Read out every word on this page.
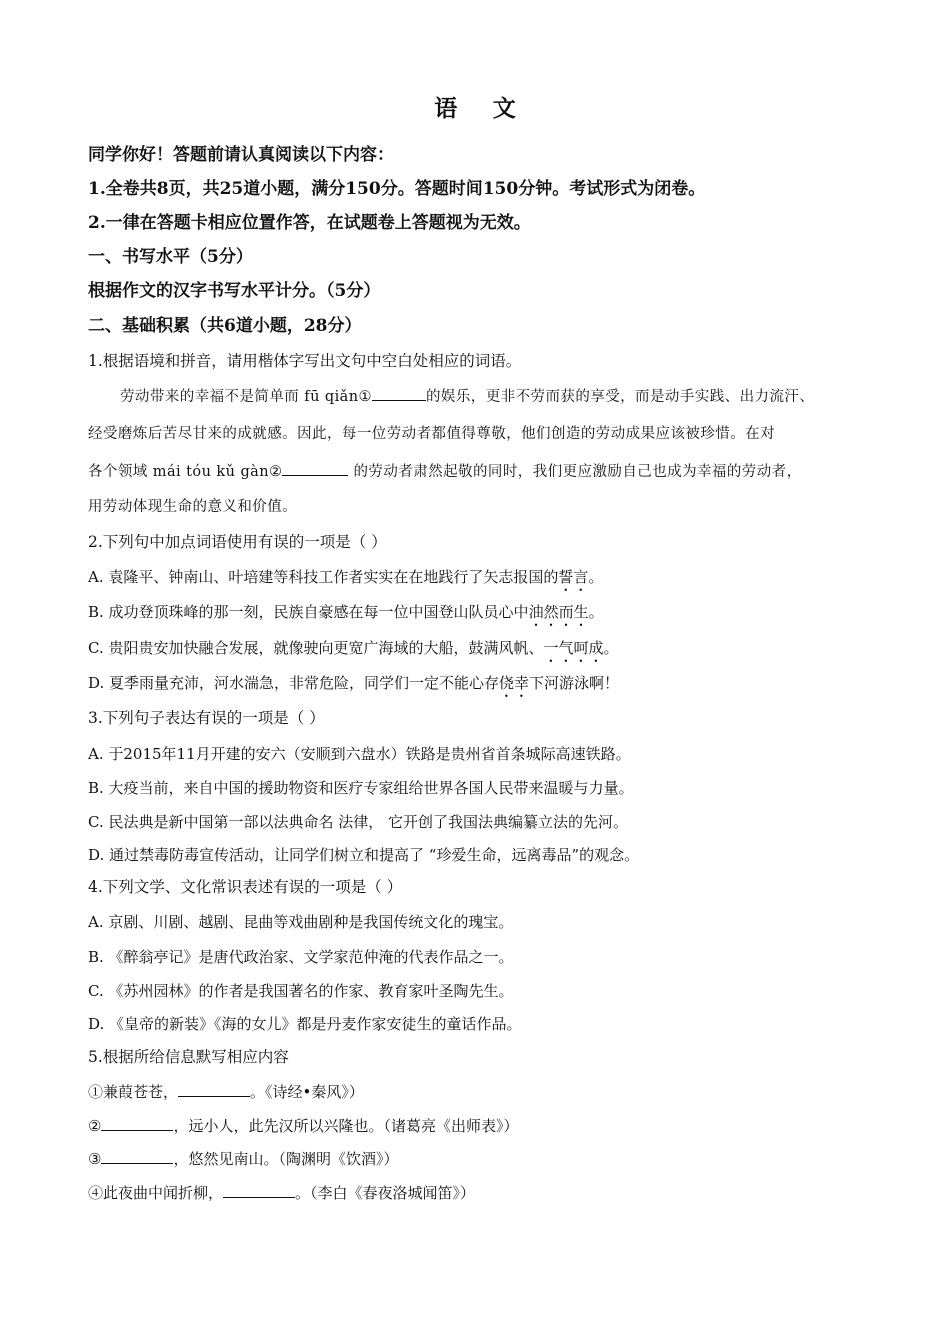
语 文
同学你好！答题前请认真阅读以下内容：
1.全卷共8页，共25道小题，满分150分。答题时间150分钟。考试形式为闭卷。
2.一律在答题卡相应位置作答，在试题卷上答题视为无效。
一、书写水平（5分）
根据作文的汉字书写水平计分。（5分）
二、基础积累（共6道小题，28分）
1.根据语境和拼音，请用楷体字写出文句中空白处相应的词语。
劳动带来的幸福不是简单而 fū qiǎn①	的娱乐，更非不劳而获的享受，而是动手实践、出力流汗、
经受磨炼后苦尽甘来的成就感。因此，每一位劳动者都值得尊敬，他们创造的劳动成果应该被珍惜。在对
各个领域 mái tóu kǔ gàn②	的劳动者肃然起敬的同时，我们更应激励自己也成为幸福的劳动者，
用劳动体现生命的意义和价值。
2.下列句中加点词语使用有误的一项是（ ）
A. 袁隆平、钟南山、叶培建等科技工作者实实在在地践行了矢志报国的誓言。
B. 成功登顶珠峰的那一刻，民族自豪感在每一位中国登山队员心中油然而生。
C. 贵阳贵安加快融合发展，就像驶向更宽广海域的大船，鼓满风帆、一气呵成。
D. 夏季雨量充沛，河水湍急，非常危险，同学们一定不能心存侥幸下河游泳啊！
3.下列句子表达有误的一项是（ ）
A. 于2015年11月开建的安六（安顺到六盘水）铁路是贵州省首条城际高速铁路。
B. 大疫当前，来自中国的援助物资和医疗专家组给世界各国人民带来温暖与力量。
C. 民法典是新中国第一部以法典命名 法律， 它开创了我国法典编纂立法的先河。
D. 通过禁毒防毒宣传活动，让同学们树立和提高了 “珍爱生命，远离毒品”的观念。
4.下列文学、文化常识表述有误的一项是（ ）
A. 京剧、川剧、越剧、昆曲等戏曲剧种是我国传统文化的瑰宝。
B. 《醉翁亭记》是唐代政治家、文学家范仲淹的代表作品之一。
C. 《苏州园林》的作者是我国著名的作家、教育家叶圣陶先生。
D. 《皇帝的新装》《海的女儿》都是丹麦作家安徒生的童话作品。
5.根据所给信息默写相应内容
①兼葭苍苍，	。《诗经•秦风》）
②	，远小人，此先汉所以兴隆也。（诸葛亮《出师表》）
③	，悠然见南山。（陶渊明《饮酒》）
④此夜曲中闻折柳，	。（李白《春夜洛城闻笛》）
